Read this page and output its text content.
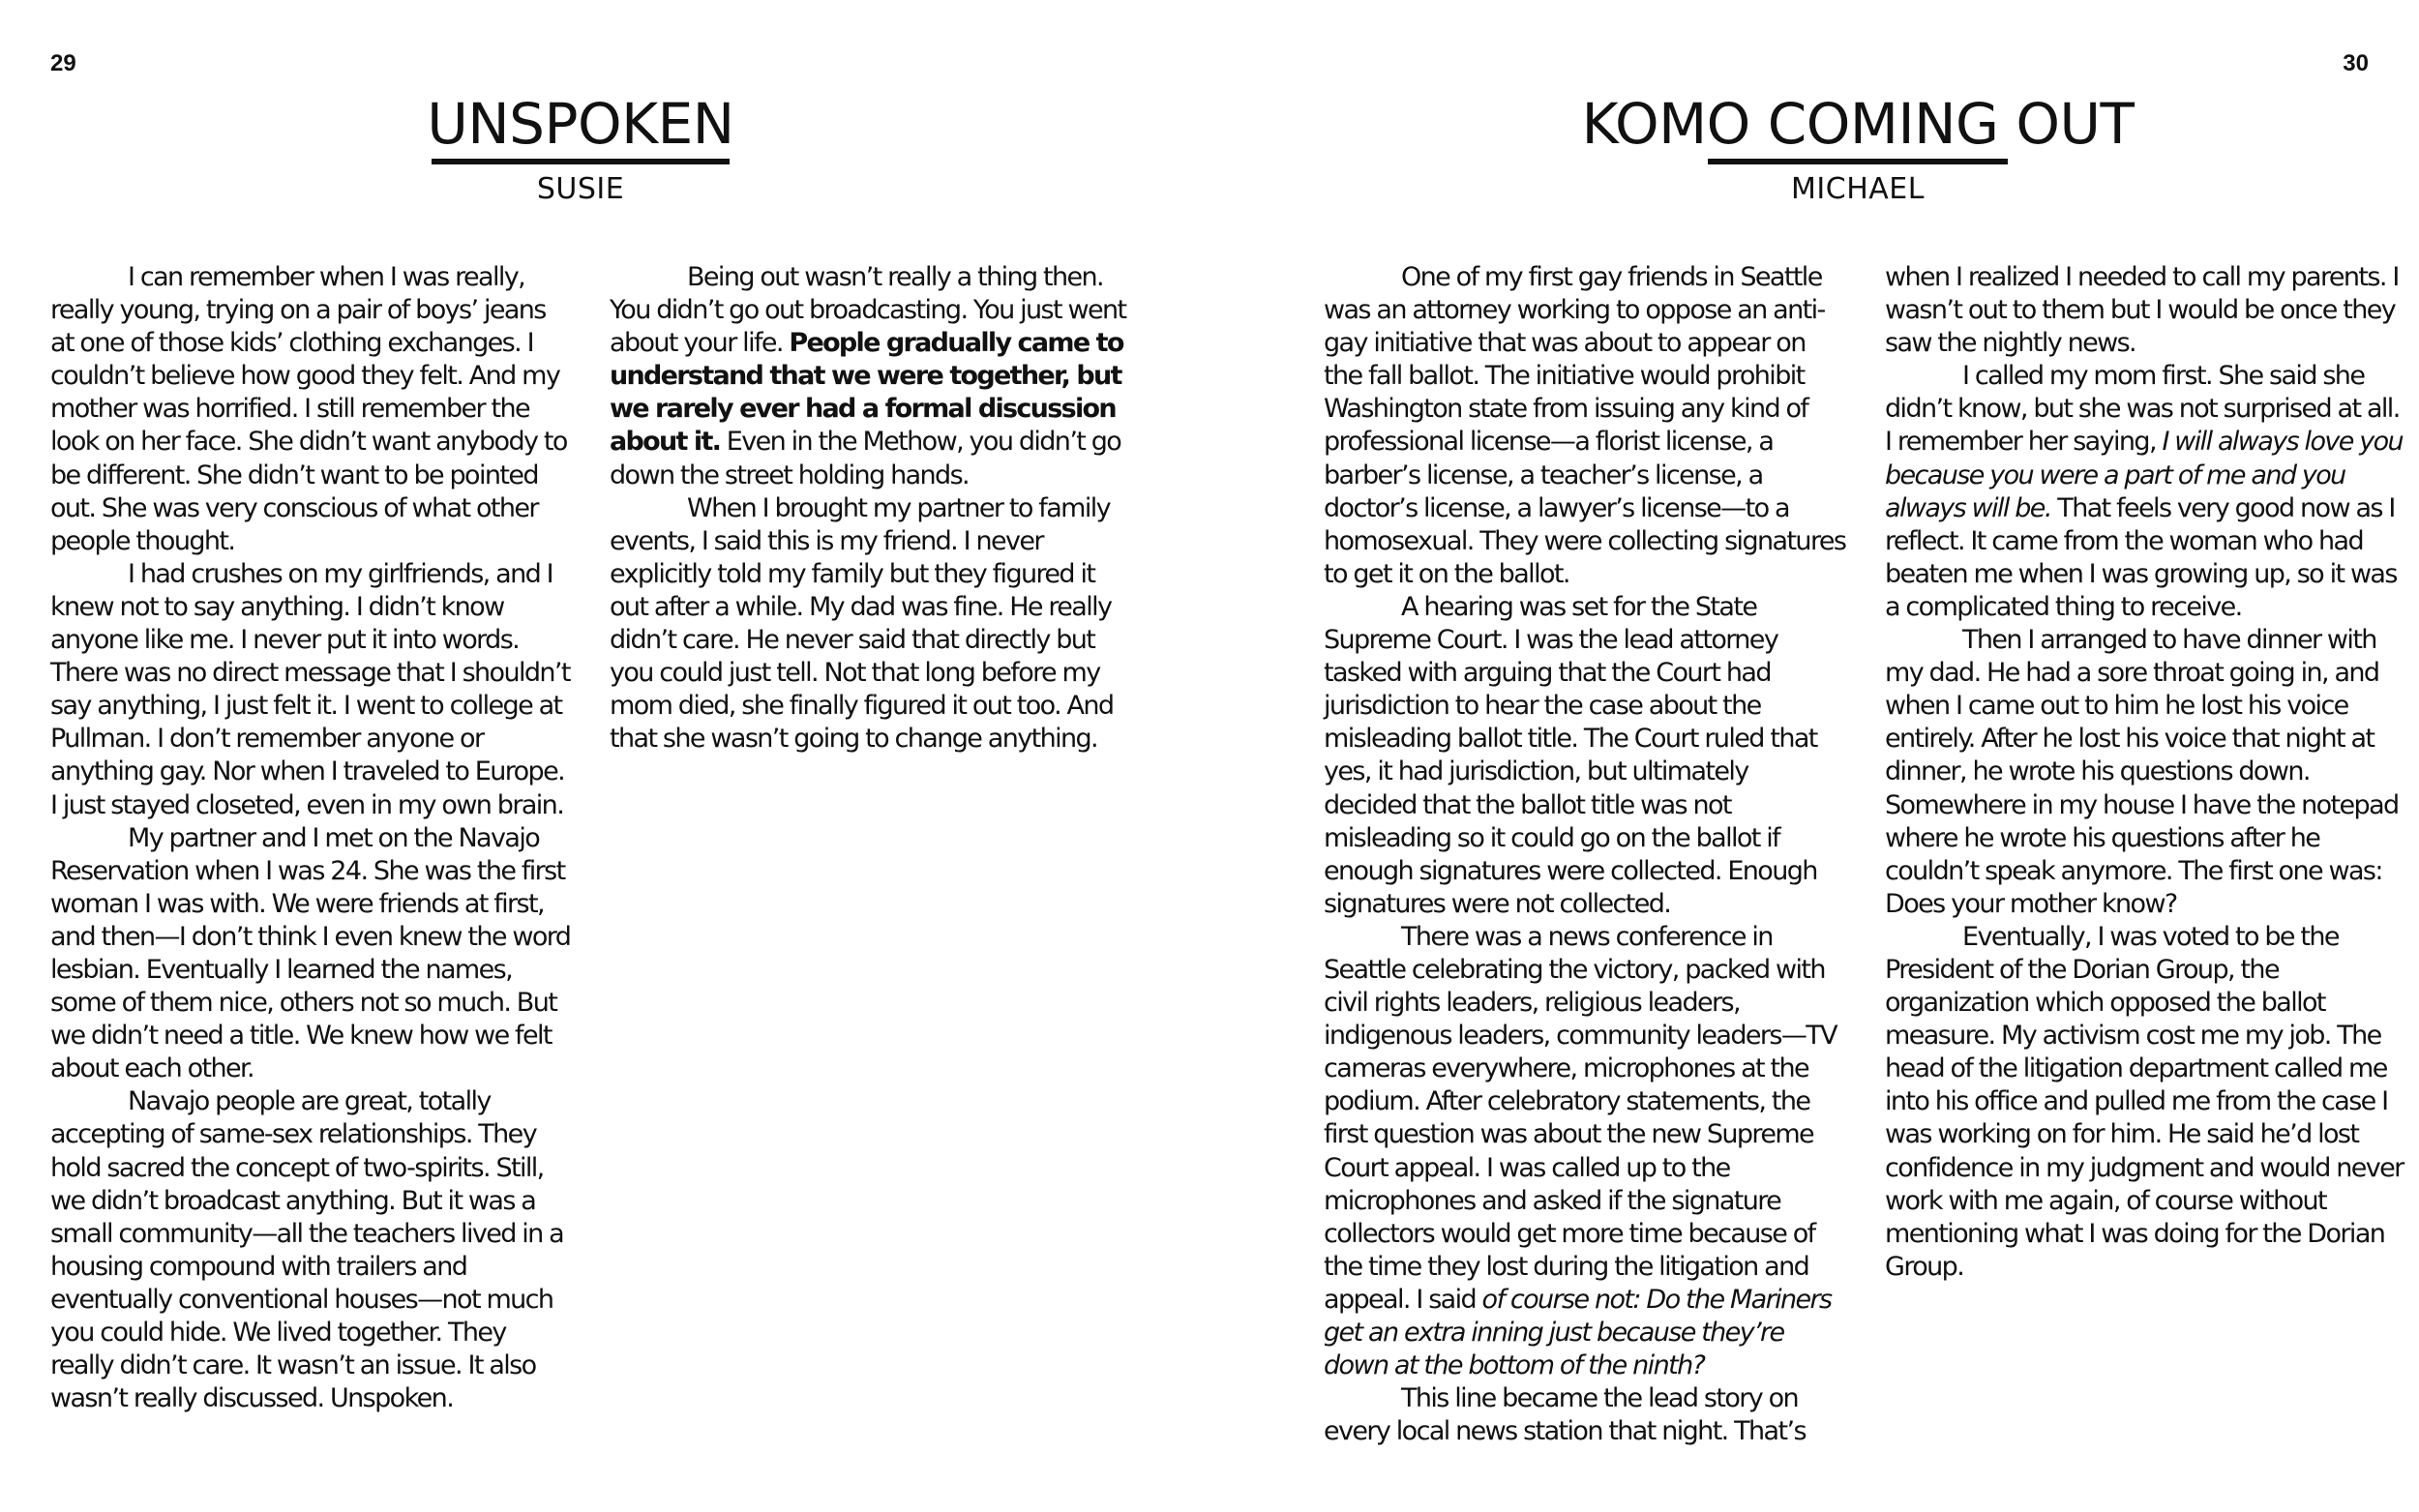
29	30
UNSPOKEN
SUSIE
KOMO COMING OUT
MICHAEL

I can remember when I was really, really young, trying on a pair of boys’ jeans at one of those kids’ clothing exchanges. I couldn’t believe how good they felt. And my mother was horrified. I still remember the look on her face. She didn’t want anybody to be different. She didn’t want to be pointed out. She was very conscious of what other people thought.

I had crushes on my girlfriends, and I knew not to say anything. I didn’t know anyone like me. I never put it into words. There was no direct message that I shouldn’t say anything, I just felt it. I went to college at Pullman. I don’t remember anyone or anything gay. Nor when I traveled to Europe. I just stayed closeted, even in my own brain.

My partner and I met on the Navajo Reservation when I was 24. She was the first woman I was with. We were friends at first, and then—I don’t think I even knew the word lesbian. Eventually I learned the names, some of them nice, others not so much. But we didn’t need a title. We knew how we felt about each other.

Navajo people are great, totally accepting of same-sex relationships. They hold sacred the concept of two-spirits. Still, we didn’t broadcast anything. But it was a small community—all the teachers lived in a housing compound with trailers and eventually conventional houses—not much you could hide. We lived together. They really didn’t care. It wasn’t an issue. It also wasn’t really discussed. Unspoken.

Being out wasn’t really a thing then. You didn’t go out broadcasting. You just went about your life. People gradually came to understand that we were together, but we rarely ever had a formal discussion about it. Even in the Methow, you didn’t go down the street holding hands.

When I brought my partner to family events, I said this is my friend. I never explicitly told my family but they figured it out after a while. My dad was fine. He really didn’t care. He never said that directly but you could just tell. Not that long before my mom died, she finally figured it out too. And that she wasn’t going to change anything.

One of my first gay friends in Seattle was an attorney working to oppose an anti-gay initiative that was about to appear on the fall ballot. The initiative would prohibit Washington state from issuing any kind of professional license—a florist license, a barber’s license, a teacher’s license, a doctor’s license, a lawyer’s license—to a homosexual. They were collecting signatures to get it on the ballot.

A hearing was set for the State Supreme Court. I was the lead attorney tasked with arguing that the Court had jurisdiction to hear the case about the misleading ballot title. The Court ruled that yes, it had jurisdiction, but ultimately decided that the ballot title was not misleading so it could go on the ballot if enough signatures were collected. Enough signatures were not collected.

There was a news conference in Seattle celebrating the victory, packed with civil rights leaders, religious leaders, indigenous leaders, community leaders—TV cameras everywhere, microphones at the podium. After celebratory statements, the first question was about the new Supreme Court appeal. I was called up to the microphones and asked if the signature collectors would get more time because of the time they lost during the litigation and appeal. I said of course not: Do the Mariners get an extra inning just because they’re down at the bottom of the ninth?

This line became the lead story on every local news station that night. That’s

when I realized I needed to call my parents. I wasn’t out to them but I would be once they saw the nightly news.

I called my mom first. She said she didn’t know, but she was not surprised at all. I remember her saying, I will always love you because you were a part of me and you always will be. That feels very good now as I reflect. It came from the woman who had beaten me when I was growing up, so it was a complicated thing to receive.

Then I arranged to have dinner with my dad. He had a sore throat going in, and when I came out to him he lost his voice entirely. After he lost his voice that night at dinner, he wrote his questions down. Somewhere in my house I have the notepad where he wrote his questions after he couldn’t speak anymore. The first one was: Does your mother know?

Eventually, I was voted to be the President of the Dorian Group, the organization which opposed the ballot measure. My activism cost me my job. The head of the litigation department called me into his office and pulled me from the case I was working on for him. He said he’d lost confidence in my judgment and would never work with me again, of course without mentioning what I was doing for the Dorian Group.
